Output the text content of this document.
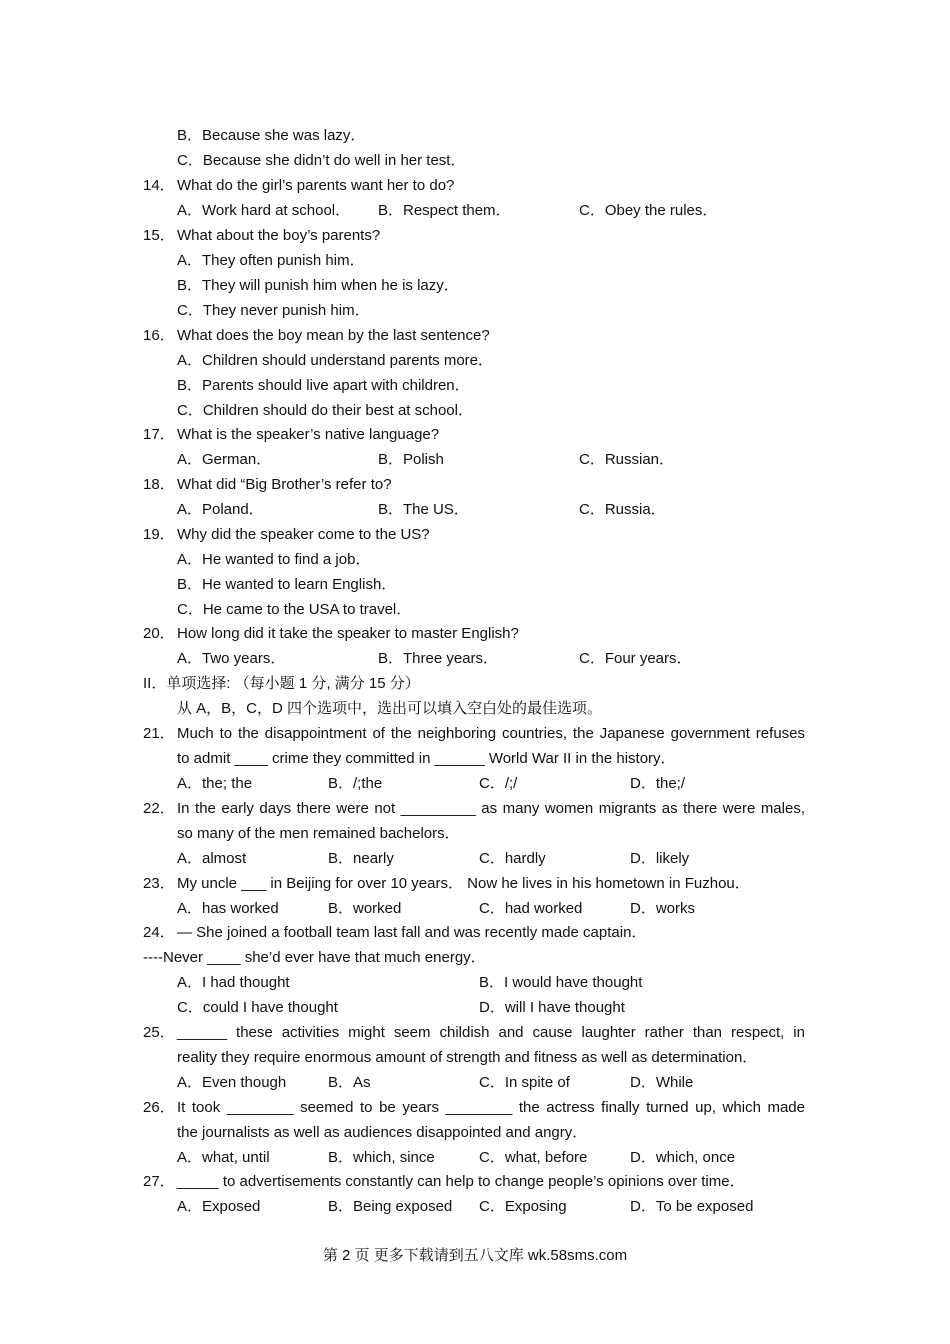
B．Because she was lazy．
C．Because she didn’t do well in her test．
14． What do the girl’s parents want her to do?
A．Work hard at school． B．Respect them．	C．Obey the rules．
15． What about the boy’s parents?
A．They often punish him．
B．They will punish him when he is lazy．
C．They never punish him．
16． What does the boy mean by the last sentence?
A．Children should understand parents more．
B．Parents should live apart with children．
C．Children should do their best at school．
17． What is the speaker’s native language?
A．German．	B．Polish	C．Russian．
18． What did “Big Brother’s refer to?
A．Poland．	B．The US．	C．Russia．
19． Why did the speaker come to the US?
A．He wanted to find a job．
B．He wanted to learn English．
C．He came to the USA to travel．
20． How long did it take the speaker to master English?
A．Two years．	B．Three years．	C．Four years．
II．单项选择: （每小题 1 分, 满分 15 分）
从 A，B，C，D 四个选项中，选出可以填入空白处的最佳选项。
21． Much to the disappointment of the neighboring countries, the Japanese government refuses
to admit ____ crime they committed in ______ World War II in the history．
A．the; the	B．/;the	C．/;/	D．the;/
22． In the early days there were not _________ as many women migrants as there were males,
so many of the men remained bachelors．
A．almost	B．nearly	C．hardly	D．likely
23． My uncle ___ in Beijing for over 10 years． Now he lives in his hometown in Fuzhou．
A．has worked	B．worked	C．had worked	D．works
24． — She joined a football team last fall and was recently made captain．
----Never ____ she’d ever have that much energy．
A．I had thought	B．I would have thought
C．could I have thought	D．will I have thought
25． ______ these activities might seem childish and cause laughter rather than respect, in
reality they require enormous amount of strength and fitness as well as determination．
A．Even though	B．As	C．In spite of	D．While
26． It took ________ seemed to be years ________ the actress finally turned up, which made
the journalists as well as audiences disappointed and angry．
A．what, until	B．which, since	C．what, before	D．which, once
27． _____ to advertisements constantly can help to change people’s opinions over time．
A．Exposed	B．Being exposed C．Exposing	D．To be exposed
第 2 页 更多下载请到五八文库 wk.58sms.com
